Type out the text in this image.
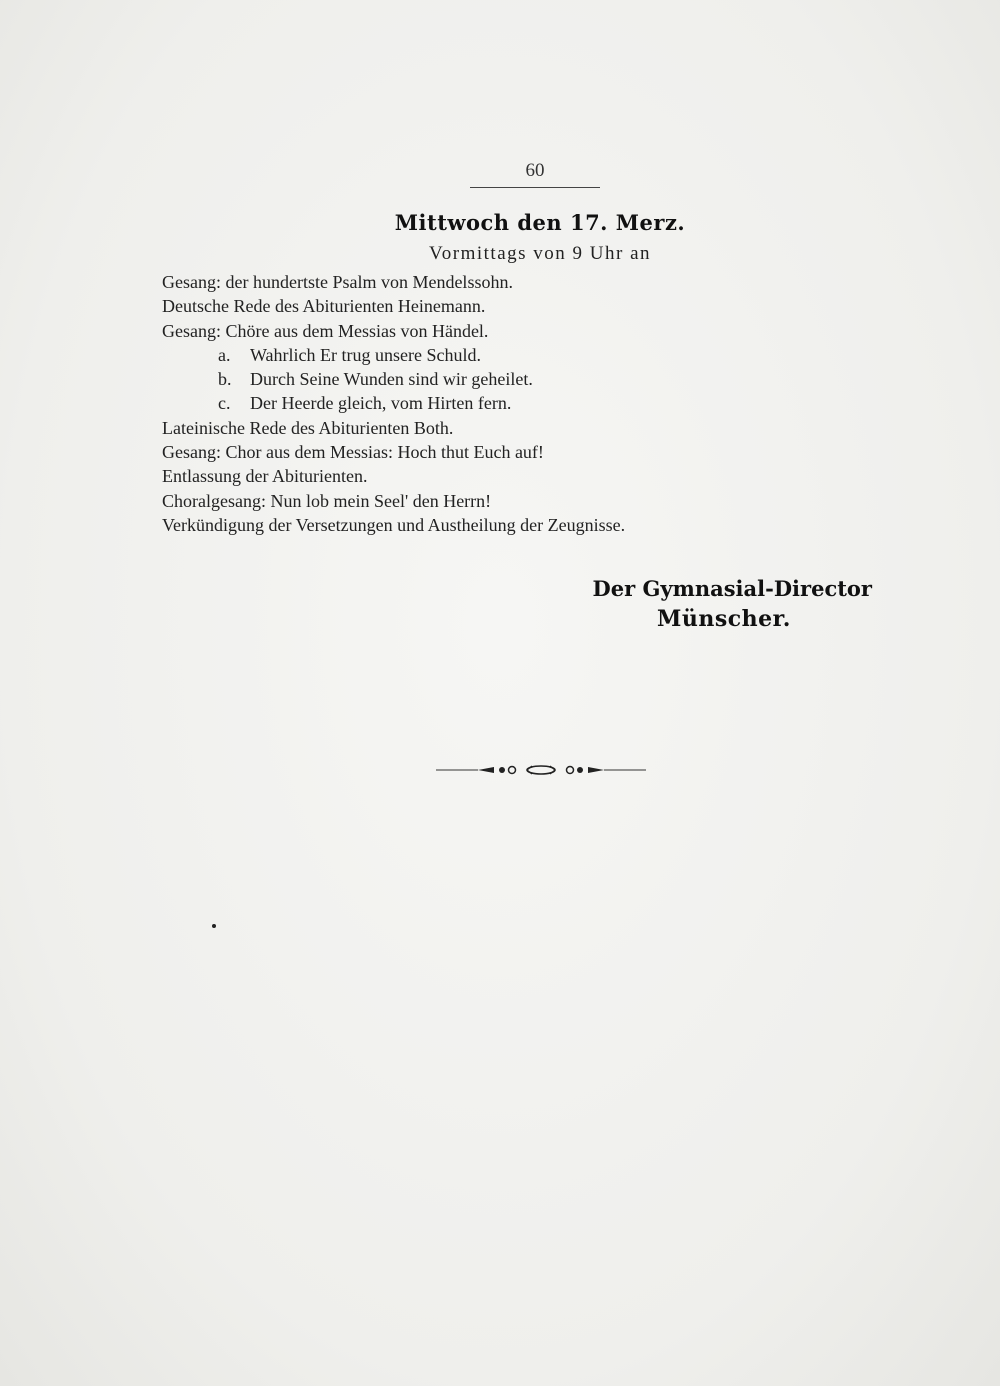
60
Mittwoch den 17. Merz.
Vormittags von 9 Uhr an
Gesang: der hundertste Psalm von Mendelssohn.
Deutsche Rede des Abiturienten Heinemann.
Gesang: Chöre aus dem Messias von Händel.
a. Wahrlich Er trug unsere Schuld.
b. Durch Seine Wunden sind wir geheilet.
c. Der Heerde gleich, vom Hirten fern.
Lateinische Rede des Abiturienten Both.
Gesang: Chor aus dem Messias: Hoch thut Euch auf!
Entlassung der Abiturienten.
Choralgesang: Nun lob mein Seel' den Herrn!
Verkündigung der Versetzungen und Austheilung der Zeugnisse.
Der Gymnasial-Director
Münscher.
